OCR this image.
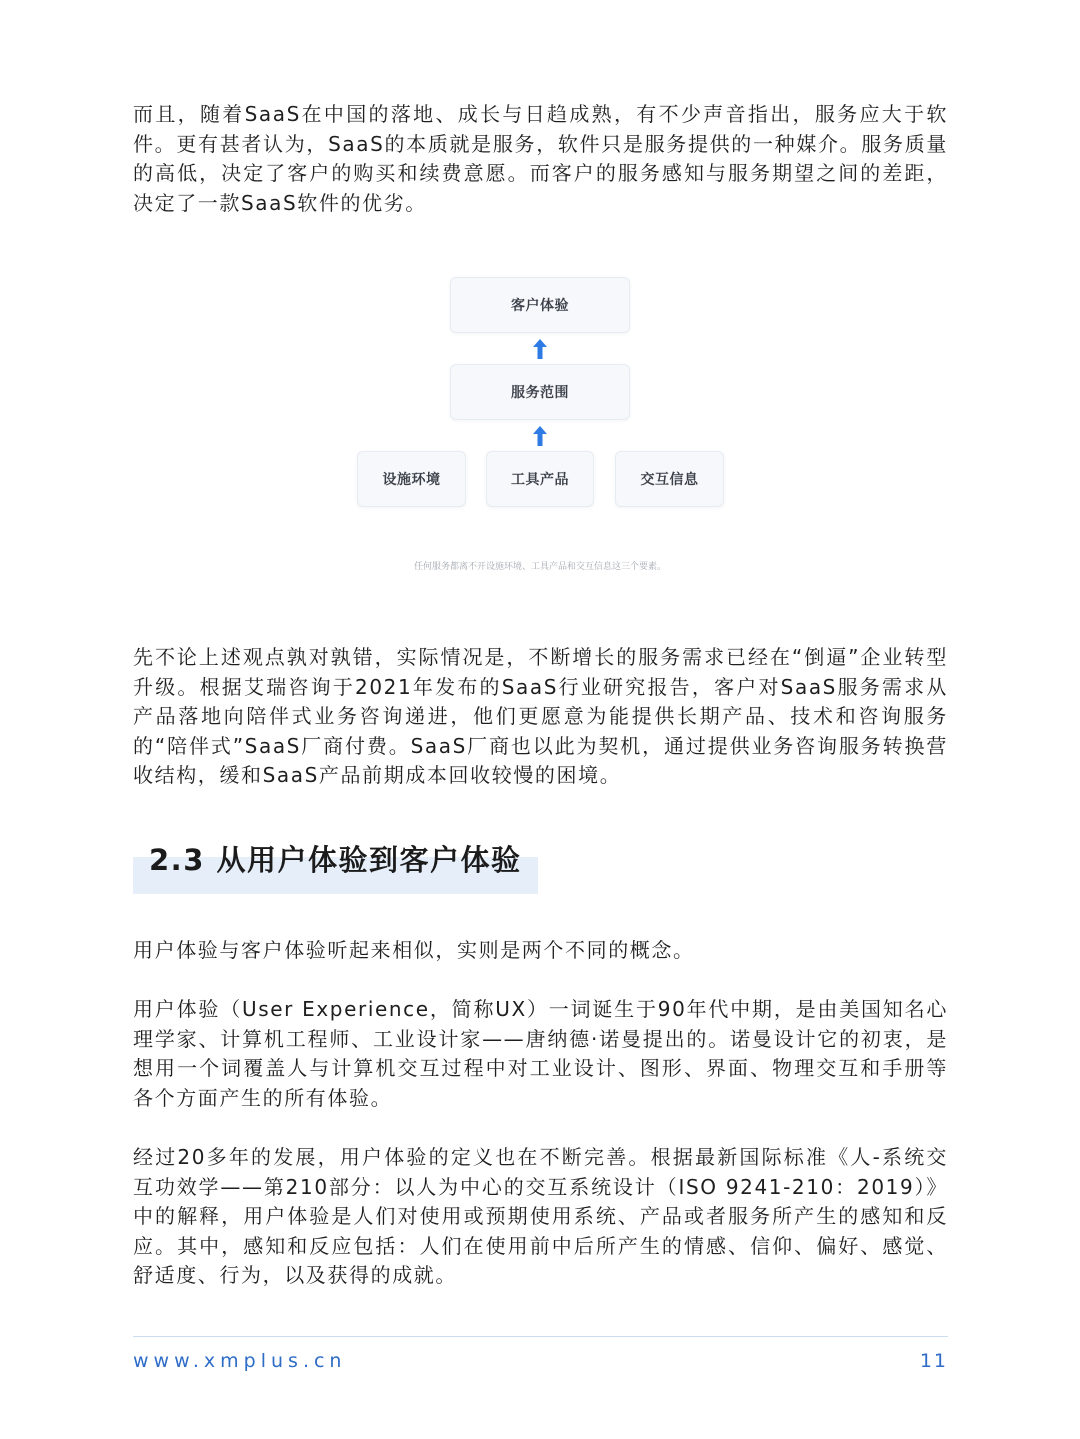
而且，随着SaaS在中国的落地、成长与日趋成熟，有不少声音指出，服务应大于软件。更有甚者认为，SaaS的本质就是服务，软件只是服务提供的一种媒介。服务质量的高低，决定了客户的购买和续费意愿。而客户的服务感知与服务期望之间的差距，决定了一款SaaS软件的优劣。

客户体验
服务范围
设施环境	工具产品	交互信息
任何服务都离不开设施环境、工具产品和交互信息这三个要素。

先不论上述观点孰对孰错，实际情况是，不断增长的服务需求已经在“倒逼”企业转型升级。根据艾瑞咨询于2021年发布的SaaS行业研究报告，客户对SaaS服务需求从产品落地向陪伴式业务咨询递进，他们更愿意为能提供长期产品、技术和咨询服务的“陪伴式”SaaS厂商付费。SaaS厂商也以此为契机，通过提供业务咨询服务转换营收结构，缓和SaaS产品前期成本回收较慢的困境。

2.3 从用户体验到客户体验

用户体验与客户体验听起来相似，实则是两个不同的概念。

用户体验（User Experience，简称UX）一词诞生于90年代中期，是由美国知名心理学家、计算机工程师、工业设计家——唐纳德·诺曼提出的。诺曼设计它的初衷，是想用一个词覆盖人与计算机交互过程中对工业设计、图形、界面、物理交互和手册等各个方面产生的所有体验。

经过20多年的发展，用户体验的定义也在不断完善。根据最新国际标准《人-系统交互功效学——第210部分：以人为中心的交互系统设计（ISO 9241-210：2019）》中的解释，用户体验是人们对使用或预期使用系统、产品或者服务所产生的感知和反应。其中，感知和反应包括：人们在使用前中后所产生的情感、信仰、偏好、感觉、舒适度、行为，以及获得的成就。

www.xmplus.cn	11
